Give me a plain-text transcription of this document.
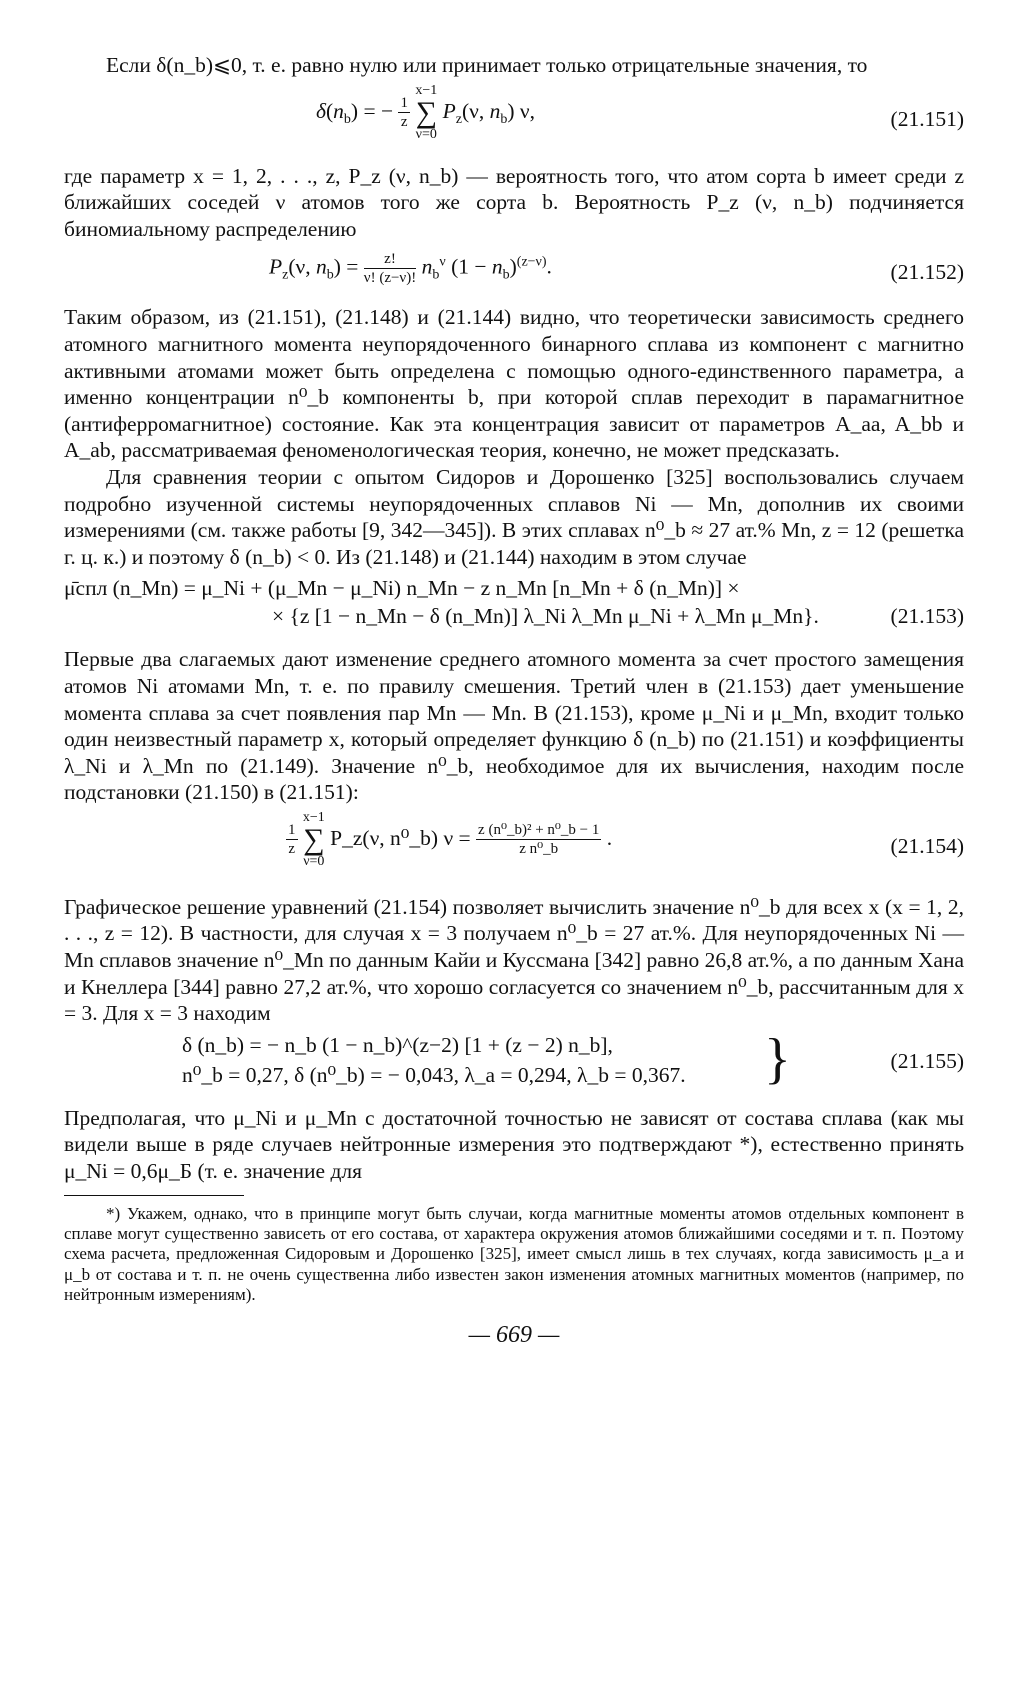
Если δ(n_b)⩽0, т. е. равно нулю или принимает только отрицательные значения, то

$\delta(n_b)$ = − $\frac{1}{z}$

x−1
∑
ν=0
$P_z(\nu$, $n_b$) ν,	(21.151)

где параметр x = 1, 2, . . ., z, P_z (ν, n_b) — вероятность того, что атом сорта b имеет среди z ближайших соседей ν атомов того же сорта b. Вероятность P_z (ν, n_b) подчиняется биномиальному распределению

$P_z(\nu$, $n_b) = \frac{z!}{\nu! (z-\nu)!} n_b^\nu$ $(1 - n_b)^{(z-\nu)}$.	(21.152)

Таким образом, из (21.151), (21.148) и (21.144) видно, что теоретически зависимость среднего атомного магнитного момента неупорядоченного бинарного сплава из компонент с магнитно активными атомами может быть определена с помощью одного-единственного параметра, а именно концентрации n⁰_b компоненты b, при которой сплав переходит в парамагнитное (антиферромагнитное) состояние. Как эта концентрация зависит от параметров A_aa, A_bb и A_ab, рассматриваемая феноменологическая теория, конечно, не может предсказать.

Для сравнения теории с опытом Сидоров и Дорошенко [325] воспользовались случаем подробно изученной системы неупорядоченных сплавов Ni — Mn, дополнив их своими измерениями (см. также работы [9, 342—345]). В этих сплавах n⁰_b ≈ 27 ат.% Mn, z = 12 (решетка г. ц. к.) и поэтому δ (n_b) < 0. Из (21.148) и (21.144) находим в этом случае

μ̄спл (n_Mn) = μ_Ni + (μ_Mn − μ_Ni) n_Mn − z n_Mn [n_Mn + δ (n_Mn)] ×
× {z [1 − n_Mn − δ (n_Mn)] λ_Ni λ_Mn μ_Ni + λ_Mn μ_Mn}.	(21.153)

Первые два слагаемых дают изменение среднего атомного момента за счет простого замещения атомов Ni атомами Mn, т. е. по правилу смешения. Третий член в (21.153) дает уменьшение момента сплава за счет появления пар Mn — Mn. В (21.153), кроме μ_Ni и μ_Mn, входит только один неизвестный параметр x, который определяет функцию δ (n_b) по (21.151) и коэффициенты λ_Ni и λ_Mn по (21.149). Значение n⁰_b, необходимое для их вычисления, находим после подстановки (21.150) в (21.151):

$\frac{1}{z}$

x−1
∑
ν=0
P_z(ν, n⁰_b) $\nu = \frac{\text{z (n⁰\_b)² + n⁰\_b − 1}}{\text{z n⁰\_b}}$ .	(21.154)

Графическое решение уравнений (21.154) позволяет вычислить значение n⁰_b для всех x (x = 1, 2, . . ., z = 12). В частности, для случая x = 3 получаем n⁰_b = 27 ат.%. Для неупорядоченных Ni — Mn сплавов значение n⁰_Mn по данным Кайи и Куссмана [342] равно 26,8 ат.%, а по данным Хана и Кнеллера [344] равно 27,2 ат.%, что хорошо согласуется со значением n⁰_b, рассчитанным для x = 3. Для x = 3 находим

δ (n_b) = − n_b (1 − n_b)^(z−2) [1 + (z − 2) n_b],
n⁰_b = 0,27, δ (n⁰_b) = − 0,043, λ_a = 0,294, λ_b = 0,367. }	(21.155)

Предполагая, что μ_Ni и μ_Mn с достаточной точностью не зависят от состава сплава (как мы видели выше в ряде случаев нейтронные измерения это подтверждают *), естественно принять μ_Ni = 0,6μ_Б (т. е. значение для

*) Укажем, однако, что в принципе могут быть случаи, когда магнитные моменты атомов отдельных компонент в сплаве могут существенно зависеть от его состава, от характера окружения атомов ближайшими соседями и т. п. Поэтому схема расчета, предложенная Сидоровым и Дорошенко [325], имеет смысл лишь в тех случаях, когда зависимость μ_a и μ_b от состава и т. п. не очень существенна либо известен закон изменения атомных магнитных моментов (например, по нейтронным измерениям).

— 669 —
